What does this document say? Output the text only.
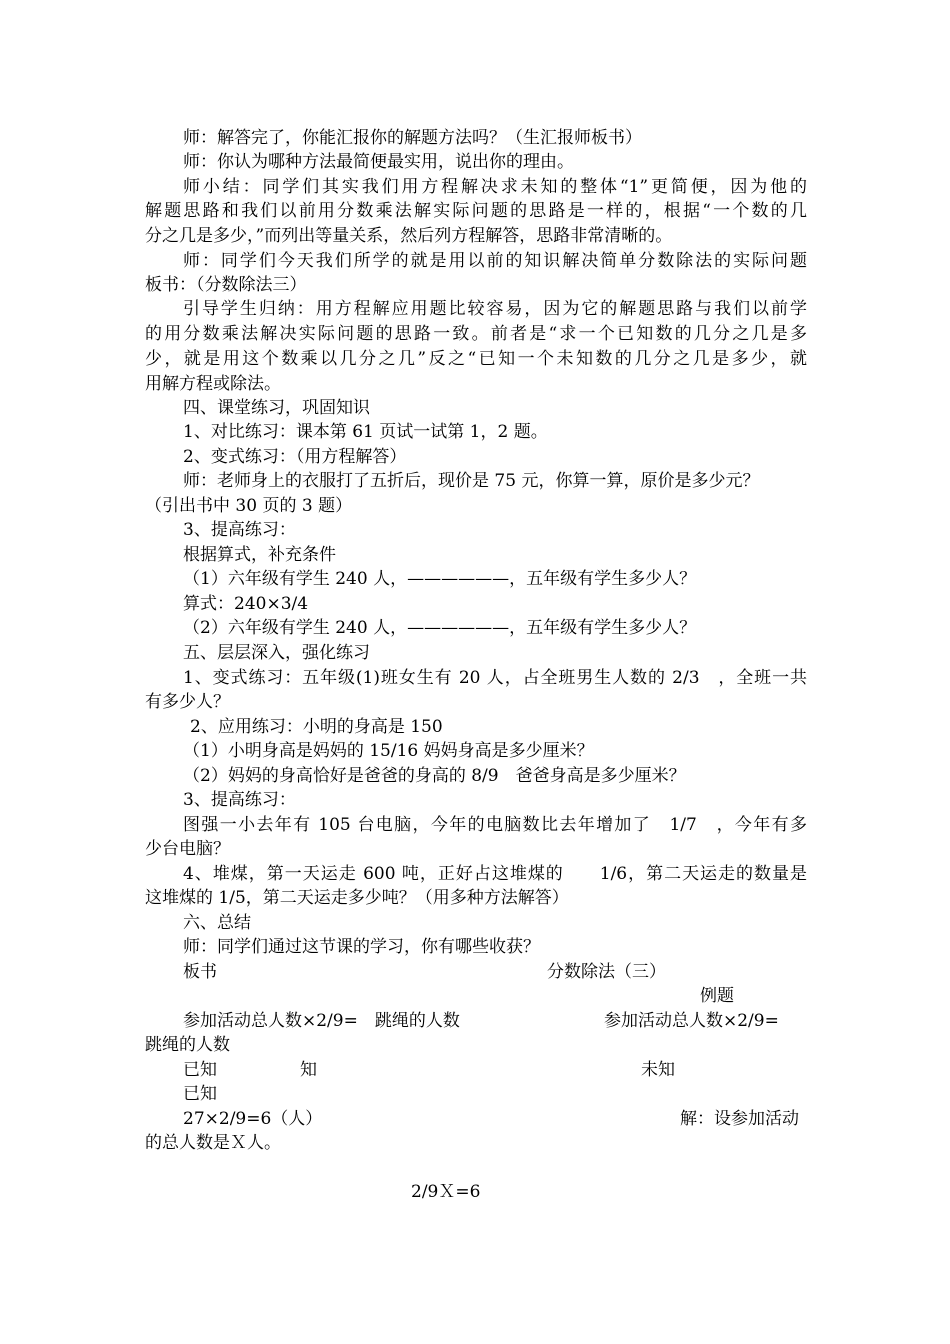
师：解答完了，你能汇报你的解题方法吗？（生汇报师板书）
师：你认为哪种方法最简便最实用，说出你的理由。
师小结：同学们其实我们用方程解决求未知的整体“1”更简便，因为他的
解题思路和我们以前用分数乘法解实际问题的思路是一样的，根据“一个数的几
分之几是多少，”而列出等量关系，然后列方程解答，思路非常清晰的。
师：同学们今天我们所学的就是用以前的知识解决简单分数除法的实际问题
板书：（分数除法三）
引导学生归纳：用方程解应用题比较容易，因为它的解题思路与我们以前学
的用分数乘法解决实际问题的思路一致。前者是“求一个已知数的几分之几是多
少，就是用这个数乘以几分之几”反之“已知一个未知数的几分之几是多少，就
用解方程或除法。
四、课堂练习，巩固知识
1、对比练习：课本第 61 页试一试第 1，2 题。
2、变式练习：（用方程解答）
师：老师身上的衣服打了五折后，现价是 75 元，你算一算，原价是多少元？
（引出书中 30 页的 3 题）
3、提高练习：
根据算式，补充条件
（1）六年级有学生 240 人，——————，五年级有学生多少人？
算式：240×3/4
（2）六年级有学生 240 人，——————，五年级有学生多少人？
五、层层深入，强化练习
1、变式练习：五年级(1)班女生有 20 人，占全班男生人数的 2/3　，全班一共
有多少人？
2、应用练习：小明的身高是 150
（1）小明身高是妈妈的 15/16 妈妈身高是多少厘米？
（2）妈妈的身高恰好是爸爸的身高的 8/9　爸爸身高是多少厘米？
3、提高练习：
图强一小去年有 105 台电脑，今年的电脑数比去年增加了　1/7　，今年有多
少台电脑？
4、堆煤，第一天运走 600 吨，正好占这堆煤的　　1/6，第二天运走的数量是
这堆煤的 1/5，第二天运走多少吨？（用多种方法解答）
六、总结
师：同学们通过这节课的学习，你有哪些收获？
板书	分数除法（三）
例题
参加活动总人数×2/9=　跳绳的人数	参加活动总人数×2/9=
跳绳的人数
已知	知	未知
已知
27×2/9=6（人）	解：设参加活动
的总人数是Ｘ人。
2/9Ｘ=6
